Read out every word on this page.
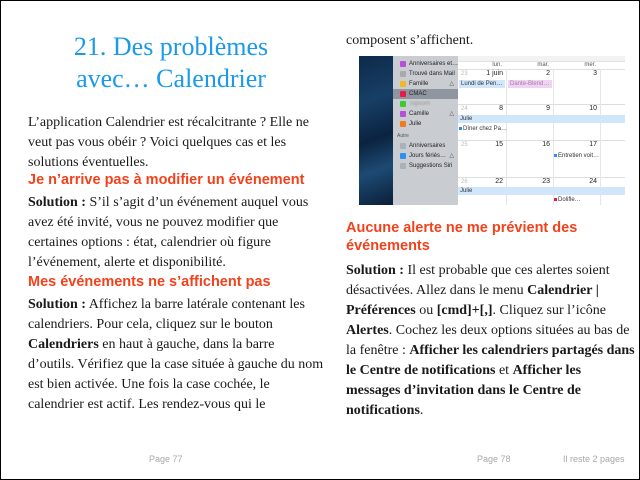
21. Des problèmes
avec… Calendrier
L’application Calendrier est récalcitrante ? Elle ne
veut pas vous obéir ? Voici quelques cas et les
solutions éventuelles.
Je n’arrive pas à modifier un événement
Solution : S’il s’agit d’un événement auquel vous
avez été invité, vous ne pouvez modifier que
certaines options : état, calendrier où figure
l’événement, alerte et disponibilité.
Mes événements ne s’affichent pas
Solution : Affichez la barre latérale contenant les
calendriers. Pour cela, cliquez sur le bouton
Calendriers en haut à gauche, dans la barre
d’outils. Vérifiez que la case située à gauche du nom
est bien activée. Une fois la case cochée, le
calendrier est actif. Les rendez-vous qui le
Page 77
composent s’affichent.
Anniversaires et…
Trouvé dans Mail
Famille	△
CMAC
Topsom
Camille	△
Julie
Autre
Anniversaires
Jours fériés… △
Suggestions Siri
lun.	mar.	mer.
23	1 juin	2	3
Lundi de Pen…	Dante-Blend…
24	8	9	10
Julie
Dîner chez Pa…
25	15	16	17
Entretien voit…
26	22	23	24
Julie
Dolifle…
Aucune alerte ne me prévient des
événements
Solution : Il est probable que ces alertes soient
désactivées. Allez dans le menu Calendrier |
Préférences ou [cmd]+[,]. Cliquez sur l’icône
Alertes. Cochez les deux options situées au bas de
la fenêtre : Afficher les calendriers partagés dans
le Centre de notifications et Afficher les
messages d’invitation dans le Centre de
notifications.
Page 78	Il reste 2 pages
